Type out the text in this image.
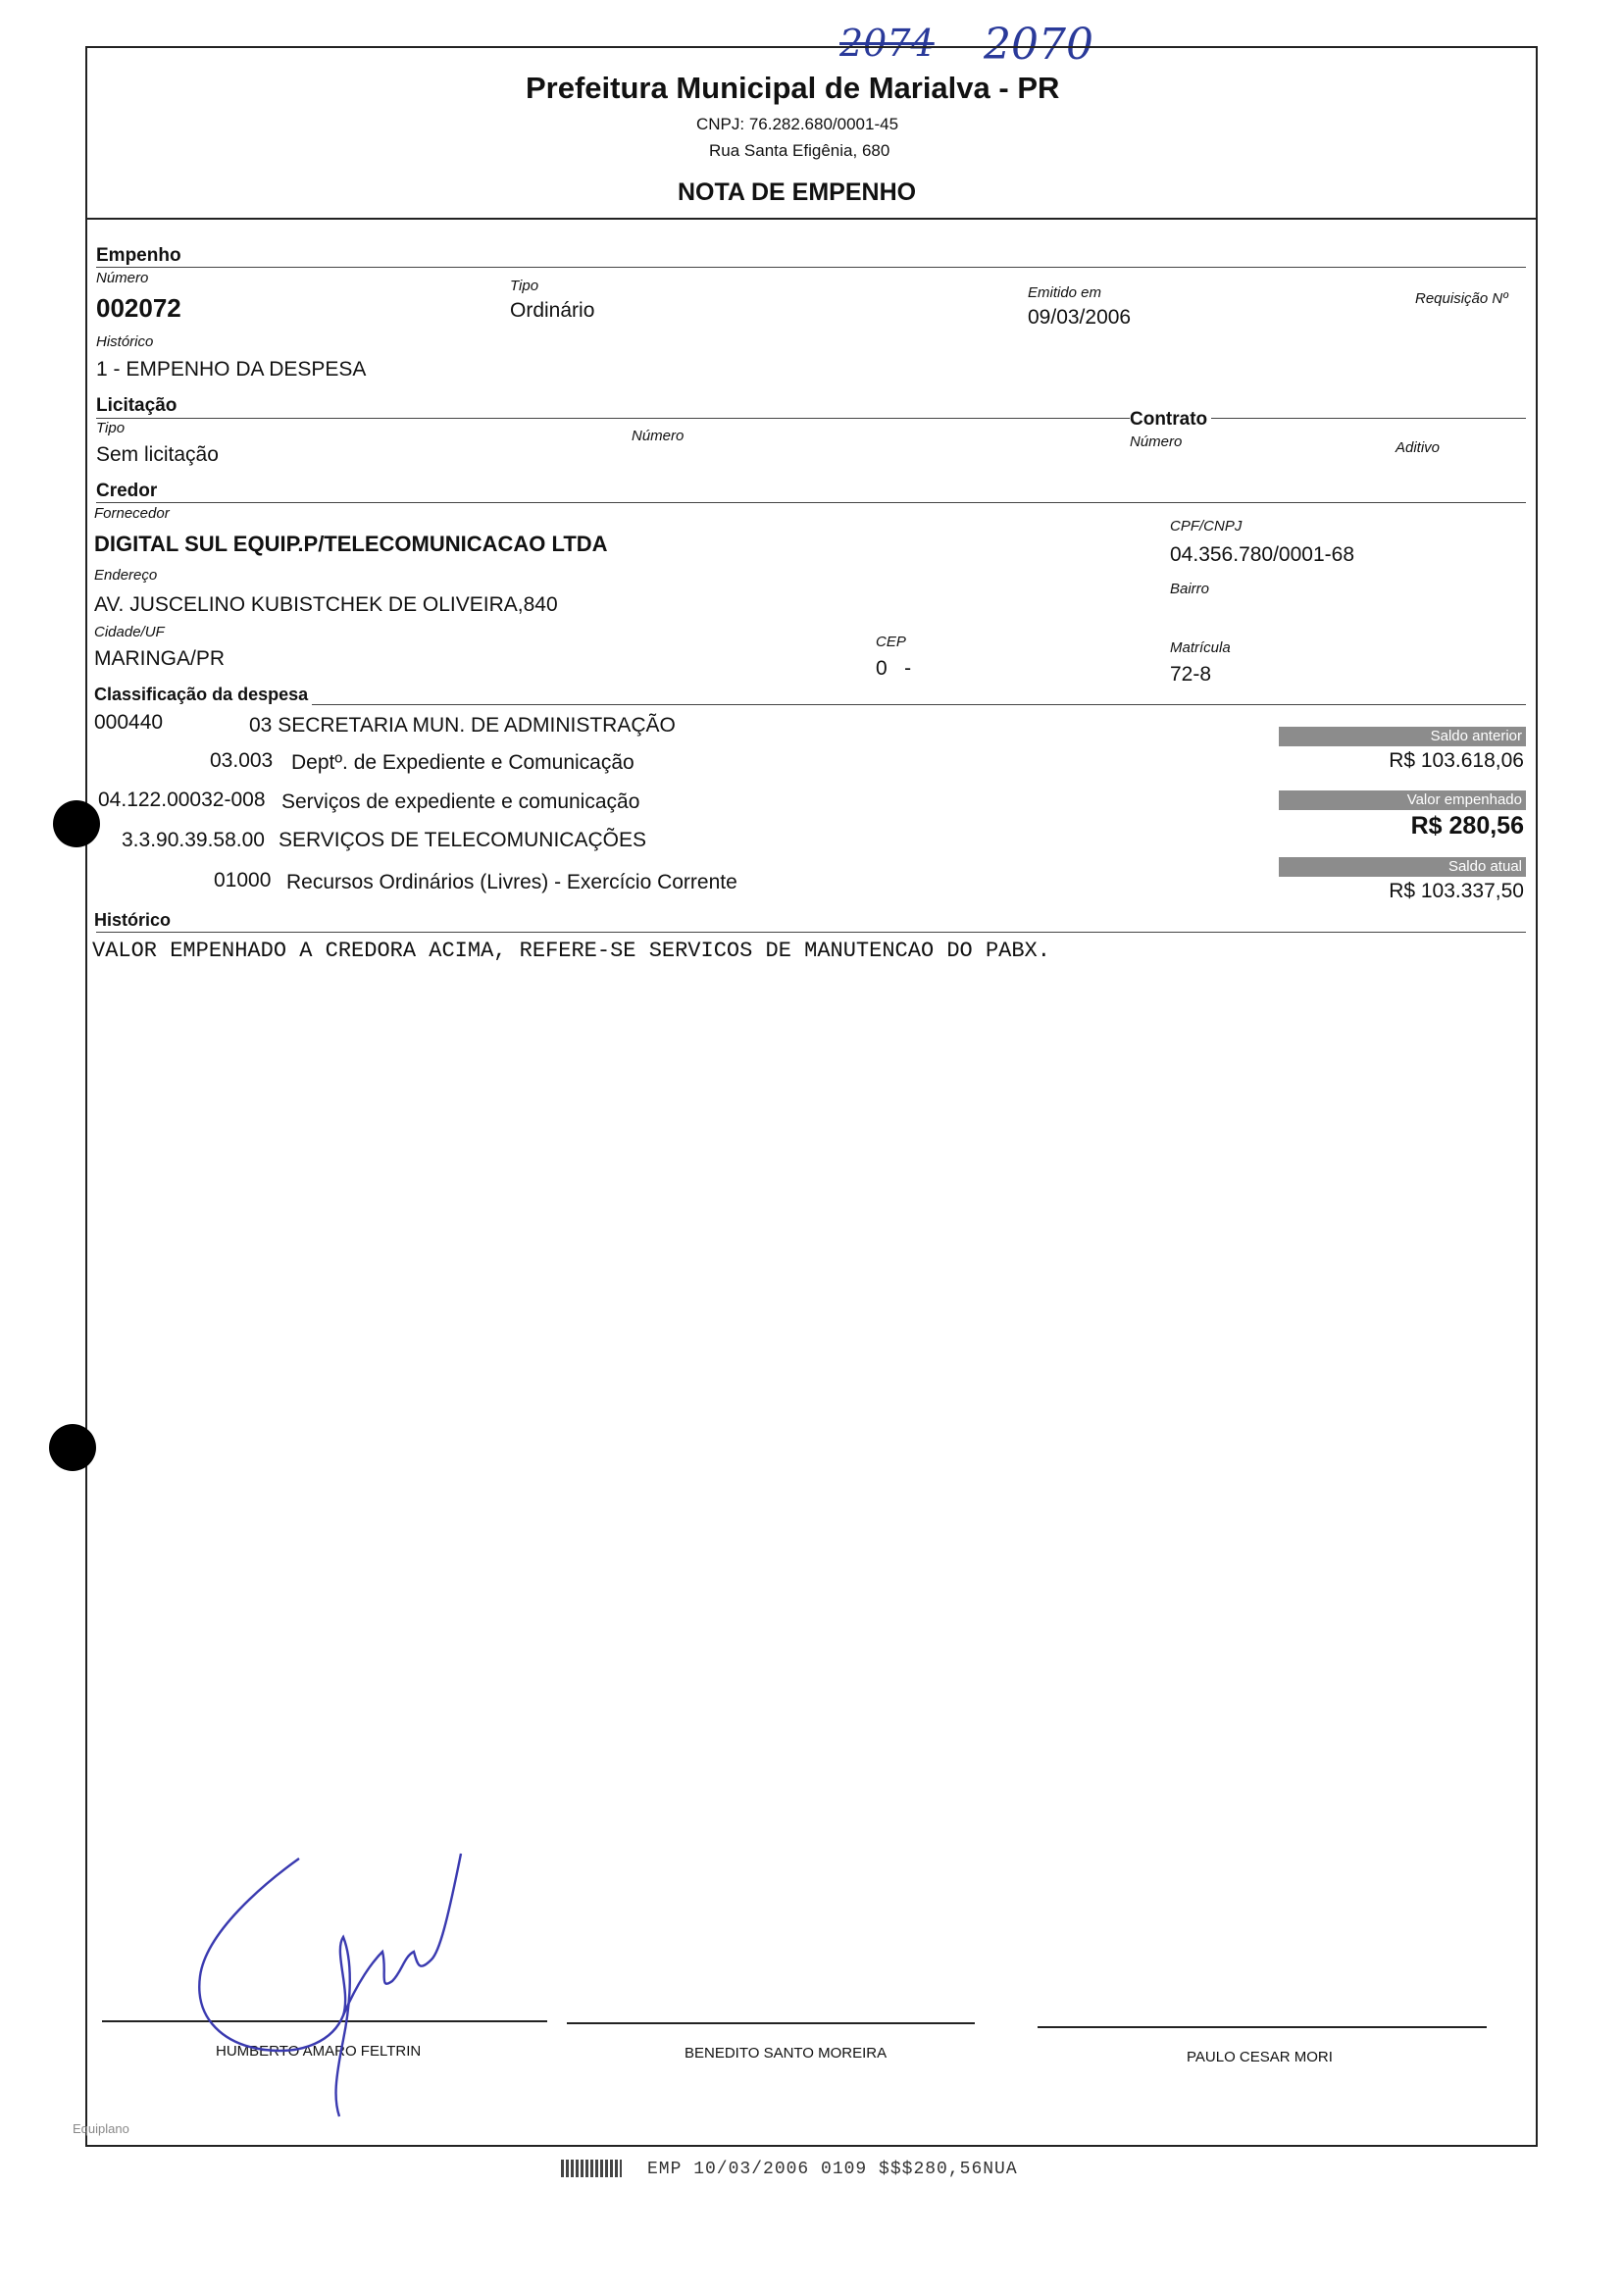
2074 2070
Prefeitura Municipal de Marialva - PR
CNPJ: 76.282.680/0001-45
Rua Santa Efigênia, 680
NOTA DE EMPENHO
Empenho
Número
002072
Tipo
Ordinário
Emitido em
09/03/2006
Requisição Nº
Histórico
1 - EMPENHO DA DESPESA
Licitação
Tipo
Sem licitação
Número
Contrato
Número	Aditivo
Credor
Fornecedor
DIGITAL SUL EQUIP.P/TELECOMUNICACAO LTDA
CPF/CNPJ
04.356.780/0001-68
Endereço
AV. JUSCELINO KUBISTCHEK DE OLIVEIRA,840
Bairro
Cidade/UF
MARINGA/PR
CEP
0   -
Matrícula
72-8
Classificação da despesa
000440	03 SECRETARIA MUN. DE ADMINISTRAÇÃO
03.003 Deptº. de Expediente e Comunicação
04.122.00032-008 Serviços de expediente e comunicação
3.3.90.39.58.00 SERVIÇOS DE TELECOMUNICAÇÕES
01000 Recursos Ordinários (Livres) - Exercício Corrente
Saldo anterior
R$ 103.618,06
Valor empenhado
R$ 280,56
Saldo atual
R$ 103.337,50
Histórico
VALOR EMPENHADO A CREDORA ACIMA, REFERE-SE SERVICOS DE MANUTENCAO DO PABX.
HUMBERTO AMARO FELTRIN	BENEDITO SANTO MOREIRA	PAULO CESAR MORI
Equiplano
EMP 10/03/2006 0109 $$$280,56NUA
